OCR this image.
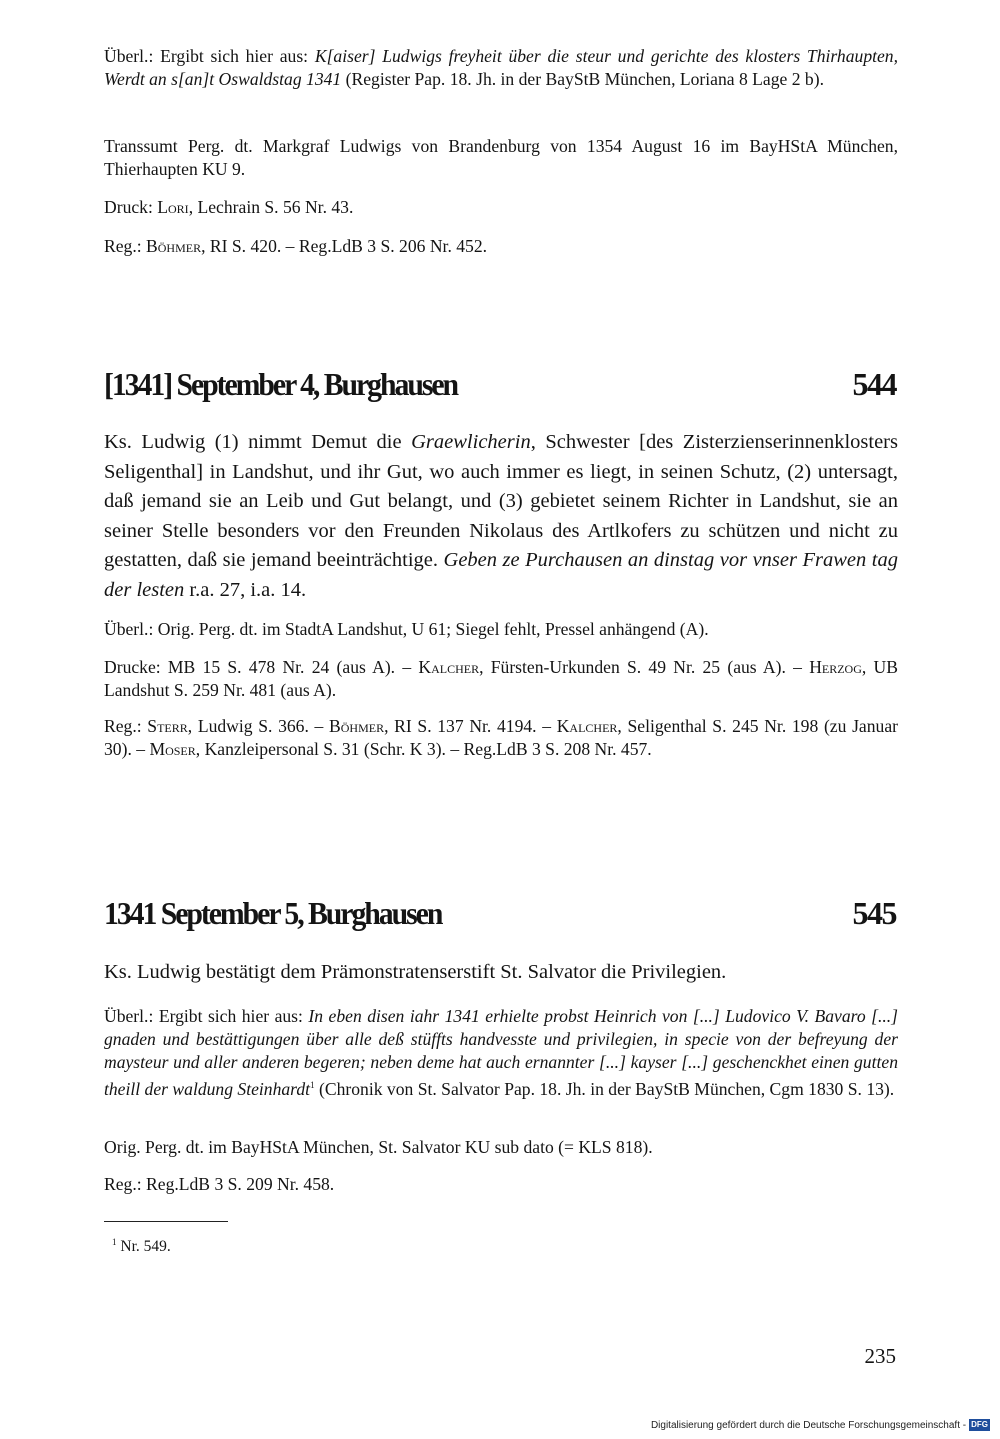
Überl.: Ergibt sich hier aus: K[aiser] Ludwigs freyheit über die steur und gerichte des klosters Thirhaupten, Werdt an s[an]t Oswaldstag 1341 (Register Pap. 18. Jh. in der BayStB München, Loriana 8 Lage 2 b).

Transsumt Perg. dt. Markgraf Ludwigs von Brandenburg von 1354 August 16 im BayHStA München, Thierhaupten KU 9.

Druck: Lori, Lechrain S. 56 Nr. 43.

Reg.: Böhmer, RI S. 420. – Reg.LdB 3 S. 206 Nr. 452.

[1341] September 4, Burghausen	544

Ks. Ludwig (1) nimmt Demut die Graewlicherin, Schwester [des Zisterzienserinnenklosters Seligenthal] in Landshut, und ihr Gut, wo auch immer es liegt, in seinen Schutz, (2) untersagt, daß jemand sie an Leib und Gut belangt, und (3) gebietet seinem Richter in Landshut, sie an seiner Stelle besonders vor den Freunden Nikolaus des Artlkofers zu schützen und nicht zu gestatten, daß sie jemand beeinträchtige. Geben ze Purchausen an dinstag vor vnser Frawen tag der lesten r.a. 27, i.a. 14.

Überl.: Orig. Perg. dt. im StadtA Landshut, U 61; Siegel fehlt, Pressel anhängend (A).

Drucke: MB 15 S. 478 Nr. 24 (aus A). – Kalcher, Fürsten-Urkunden S. 49 Nr. 25 (aus A). – Herzog, UB Landshut S. 259 Nr. 481 (aus A).

Reg.: Sterr, Ludwig S. 366. – Böhmer, RI S. 137 Nr. 4194. – Kalcher, Seligenthal S. 245 Nr. 198 (zu Januar 30). – Moser, Kanzleipersonal S. 31 (Schr. K 3). – Reg.LdB 3 S. 208 Nr. 457.

1341 September 5, Burghausen	545

Ks. Ludwig bestätigt dem Prämonstratenserstift St. Salvator die Privilegien.

Überl.: Ergibt sich hier aus: In eben disen iahr 1341 erhielte probst Heinrich von [...] Ludovico V. Bavaro [...] gnaden und bestättigungen über alle deß stüffts handvesste und privilegien, in specie von der befreyung der maysteur und aller anderen begeren; neben deme hat auch ernannter [...] kayser [...] geschenckhet einen gutten theill der waldung Steinhardt$^1$ (Chronik von St. Salvator Pap. 18. Jh. in der BayStB München, Cgm 1830 S. 13).

Orig. Perg. dt. im BayHStA München, St. Salvator KU sub dato (= KLS 818).

Reg.: Reg.LdB 3 S. 209 Nr. 458.

$^1$ Nr. 549.
235
Digitalisierung gefördert durch die Deutsche Forschungsgemeinschaft - DFG
